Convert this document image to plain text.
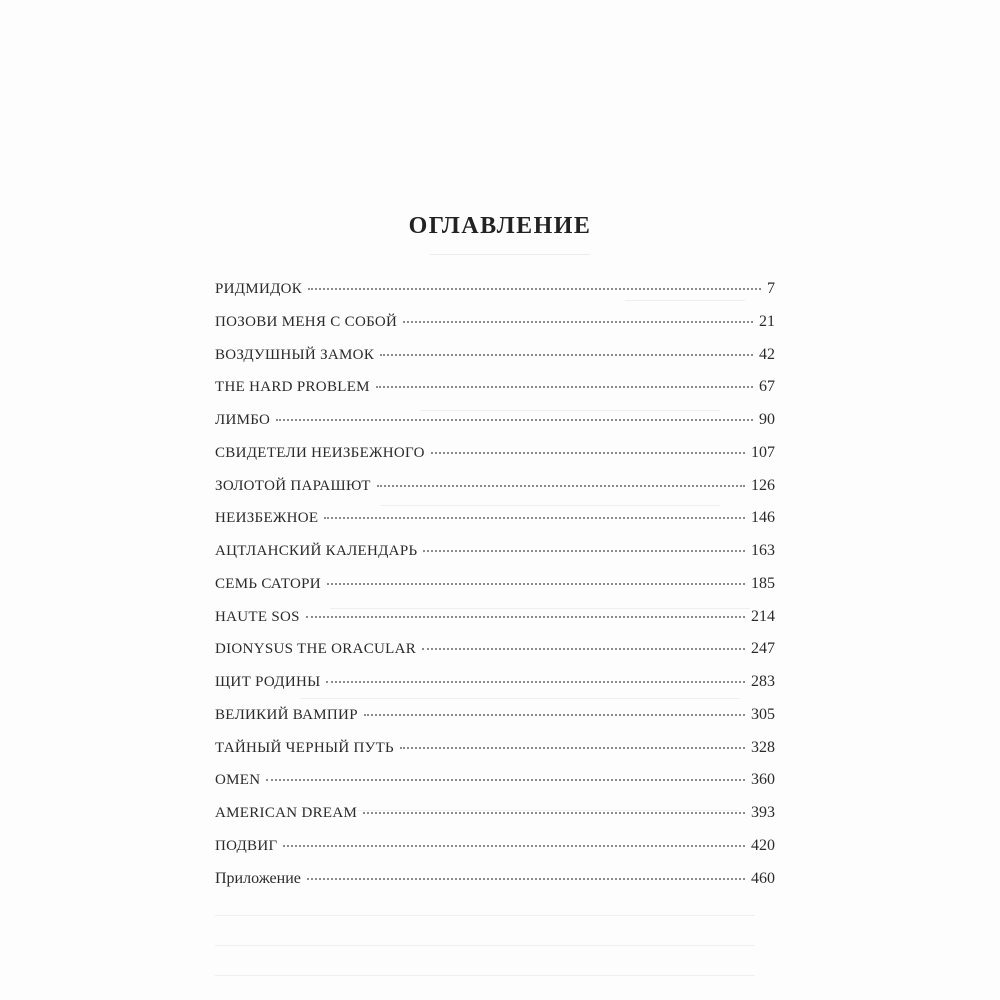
ОГЛАВЛЕНИЕ
РИДМИДОК	7
ПОЗОВИ МЕНЯ С СОБОЙ	21
ВОЗДУШНЫЙ ЗАМОК	42
THE HARD PROBLEM	67
ЛИМБО	90
СВИДЕТЕЛИ НЕИЗБЕЖНОГО	107
ЗОЛОТОЙ ПАРАШЮТ	126
НЕИЗБЕЖНОЕ	146
АЦТЛАНСКИЙ КАЛЕНДАРЬ	163
СЕМЬ САТОРИ	185
HAUTE SOS	214
DIONYSUS THE ORACULAR	247
ЩИТ РОДИНЫ	283
ВЕЛИКИЙ ВАМПИР	305
ТАЙНЫЙ ЧЕРНЫЙ ПУТЬ	328
OMEN	360
AMERICAN DREAM	393
ПОДВИГ	420
Приложение	460
